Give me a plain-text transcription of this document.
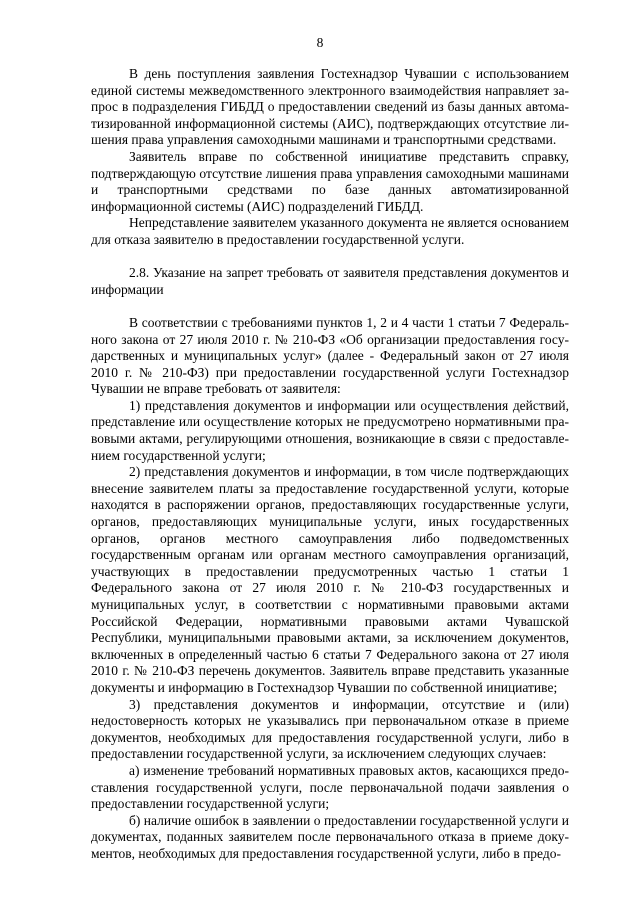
8

В день поступления заявления Гостехнадзор Чувашии с использованием единой системы межведомственного электронного взаимодействия направляет запрос в подразделения ГИБДД о предоставлении сведений из базы данных автоматизированной информационной системы (АИС), подтверждающих отсутствие лишения права управления самоходными машинами и транспортными средствами.

Заявитель вправе по собственной инициативе представить справку, подтверждающую отсутствие лишения права управления самоходными машинами и транспортными средствами по базе данных автоматизированной информационной системы (АИС) подразделений ГИБДД.

Непредставление заявителем указанного документа не является основанием для отказа заявителю в предоставлении государственной услуги.

2.8. Указание на запрет требовать от заявителя представления документов и информации

В соответствии с требованиями пунктов 1, 2 и 4 части 1 статьи 7 Федерального закона от 27 июля 2010 г. № 210-ФЗ «Об организации предоставления государственных и муниципальных услуг» (далее - Федеральный закон от 27 июля 2010 г. № 210-ФЗ) при предоставлении государственной услуги Гостехнадзор Чувашии не вправе требовать от заявителя:

1) представления документов и информации или осуществления действий, представление или осуществление которых не предусмотрено нормативными правовыми актами, регулирующими отношения, возникающие в связи с предоставлением государственной услуги;

2) представления документов и информации, в том числе подтверждающих внесение заявителем платы за предоставление государственной услуги, которые находятся в распоряжении органов, предоставляющих государственные услуги, органов, предоставляющих муниципальные услуги, иных государственных органов, органов местного самоуправления либо подведомственных государственным органам или органам местного самоуправления организаций, участвующих в предоставлении предусмотренных частью 1 статьи 1 Федерального закона от 27 июля 2010 г. № 210-ФЗ государственных и муниципальных услуг, в соответствии с нормативными правовыми актами Российской Федерации, нормативными правовыми актами Чувашской Республики, муниципальными правовыми актами, за исключением документов, включенных в определенный частью 6 статьи 7 Федерального закона от 27 июля 2010 г. № 210-ФЗ перечень документов. Заявитель вправе представить указанные документы и информацию в Гостехнадзор Чувашии по собственной инициативе;

3) представления документов и информации, отсутствие и (или) недостоверность которых не указывались при первоначальном отказе в приеме документов, необходимых для предоставления государственной услуги, либо в предоставлении государственной услуги, за исключением следующих случаев:

а) изменение требований нормативных правовых актов, касающихся предоставления государственной услуги, после первоначальной подачи заявления о предоставлении государственной услуги;

б) наличие ошибок в заявлении о предоставлении государственной услуги и документах, поданных заявителем после первоначального отказа в приеме документов, необходимых для предоставления государственной услуги, либо в предо-
